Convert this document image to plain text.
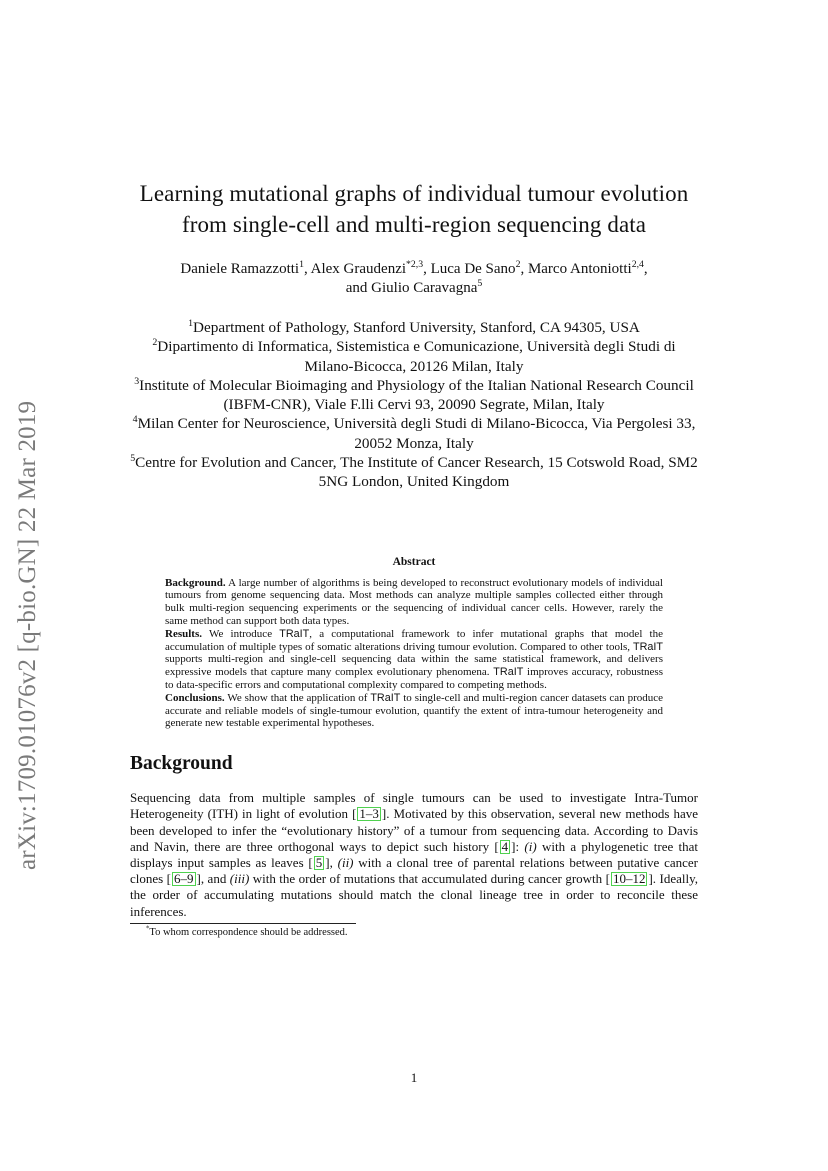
arXiv:1709.01076v2 [q-bio.GN] 22 Mar 2019
Learning mutational graphs of individual tumour evolution
from single-cell and multi-region sequencing data
Daniele Ramazzotti$^1$, Alex Graudenzi$^{*2,3}$, Luca De Sano$^2$, Marco Antoniotti$^{2,4}$,
and Giulio Caravagna$^5$
$^1$Department of Pathology, Stanford University, Stanford, CA 94305, USA
$^2$Dipartimento di Informatica, Sistemistica e Comunicazione, Università degli Studi di Milano-Bicocca, 20126 Milan, Italy
$^3$Institute of Molecular Bioimaging and Physiology of the Italian National Research Council (IBFM-CNR), Viale F.lli Cervi 93, 20090 Segrate, Milan, Italy
$^4$Milan Center for Neuroscience, Università degli Studi di Milano-Bicocca, Via Pergolesi 33, 20052 Monza, Italy
$^5$Centre for Evolution and Cancer, The Institute of Cancer Research, 15 Cotswold Road, SM2 5NG London, United Kingdom
Abstract

Background. A large number of algorithms is being developed to reconstruct evolutionary models of individual tumours from genome sequencing data. Most methods can analyze multiple samples collected either through bulk multi-region sequencing experiments or the sequencing of individual cancer cells. However, rarely the same method can support both data types.

Results. We introduce TRaIT, a computational framework to infer mutational graphs that model the accumulation of multiple types of somatic alterations driving tumour evolution. Compared to other tools, TRaIT supports multi-region and single-cell sequencing data within the same statistical framework, and delivers expressive models that capture many complex evolutionary phenomena. TRaIT improves accuracy, robustness to data-specific errors and computational complexity compared to competing methods.

Conclusions. We show that the application of TRaIT to single-cell and multi-region cancer datasets can produce accurate and reliable models of single-tumour evolution, quantify the extent of intra-tumour heterogeneity and generate new testable experimental hypotheses.

Background

Sequencing data from multiple samples of single tumours can be used to investigate Intra-Tumor Heterogeneity (ITH) in light of evolution [ 1–3 ]. Motivated by this observation, several new methods have been developed to infer the “evolutionary history” of a tumour from sequencing data. According to Davis and Navin, there are three orthogonal ways to depict such history [ 4 ]: (i) with a phylogenetic tree that displays input samples as leaves [ 5 ], (ii) with a clonal tree of parental relations between putative cancer clones [ 6–9 ], and (iii) with the order of mutations that accumulated during cancer growth [ 10–12 ]. Ideally, the order of accumulating mutations should match the clonal lineage tree in order to reconcile these inferences.

*To whom correspondence should be addressed.
1
